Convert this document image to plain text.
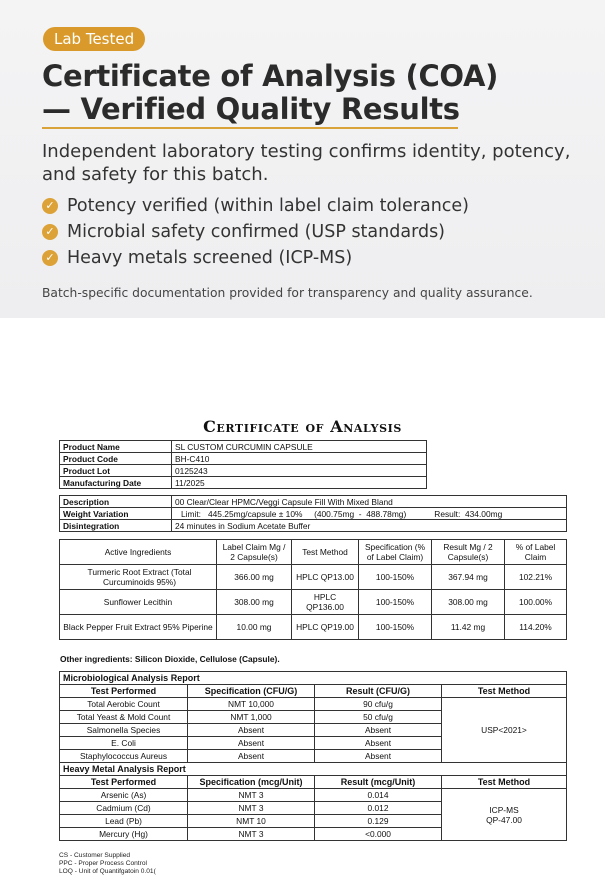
Lab Tested
Certificate of Analysis (COA)
— Verified Quality Results
Independent laboratory testing confirms identity, potency, and safety for this batch.
✓ Potency verified (within label claim tolerance)
✓ Microbial safety confirmed (USP standards)
✓ Heavy metals screened (ICP-MS)
Batch-specific documentation provided for transparency and quality assurance.
Certificate of Analysis
Product Name	SL CUSTOM CURCUMIN CAPSULE	
Product Code	BH-C410	
Product Lot	0125243	
Manufacturing Date	11/2025	
Description	00 Clear/Clear HPMC/Veggi Capsule Fill With Mixed Bland
Weight Variation	Limit:   445.25mg/capsule ± 10%     (400.75mg  -  488.78mg) Result:  434.00mg
Disintegration	24 minutes in Sodium Acetate Buffer
Active Ingredients	Label Claim Mg / 2 Capsule(s)	Test Method	Specification (% of Label Claim)	Result Mg / 2 Capsule(s)	% of Label Claim
Turmeric Root Extract (Total Curcuminoids 95%)	366.00 mg	HPLC QP13.00	100-150%	367.94 mg	102.21%
Sunflower Lecithin	308.00 mg	HPLC QP136.00	100-150%	308.00 mg	100.00%
Black Pepper Fruit Extract 95% Piperine	10.00 mg	HPLC QP19.00	100-150%	11.42 mg	114.20%
Other ingredients: Silicon Dioxide, Cellulose (Capsule).
Microbiological Analysis Report			
Test Performed	Specification (CFU/G)	Result (CFU/G)	Test Method
Total Aerobic Count	NMT 10,000	90 cfu/g	USP<2021>
Total Yeast & Mold Count	NMT 1,000	50 cfu/g	
Salmonella Species	Absent	Absent	
E. Coli	Absent	Absent	
Staphylococcus Aureus	Absent	Absent	
Heavy Metal Analysis Report			
Test Performed	Specification (mcg/Unit)	Result (mcg/Unit)	Test Method
Arsenic (As)	NMT 3	0.014	ICP-MS
QP-47.00

Cadmium (Cd)	NMT 3	0.012	
Lead (Pb)	NMT 10	0.129	
Mercury (Hg)	NMT 3	<0.000	
CS - Customer Supplied
PPC - Proper Process Control
LOQ - Unit of Quantifgatoin 0.01(
